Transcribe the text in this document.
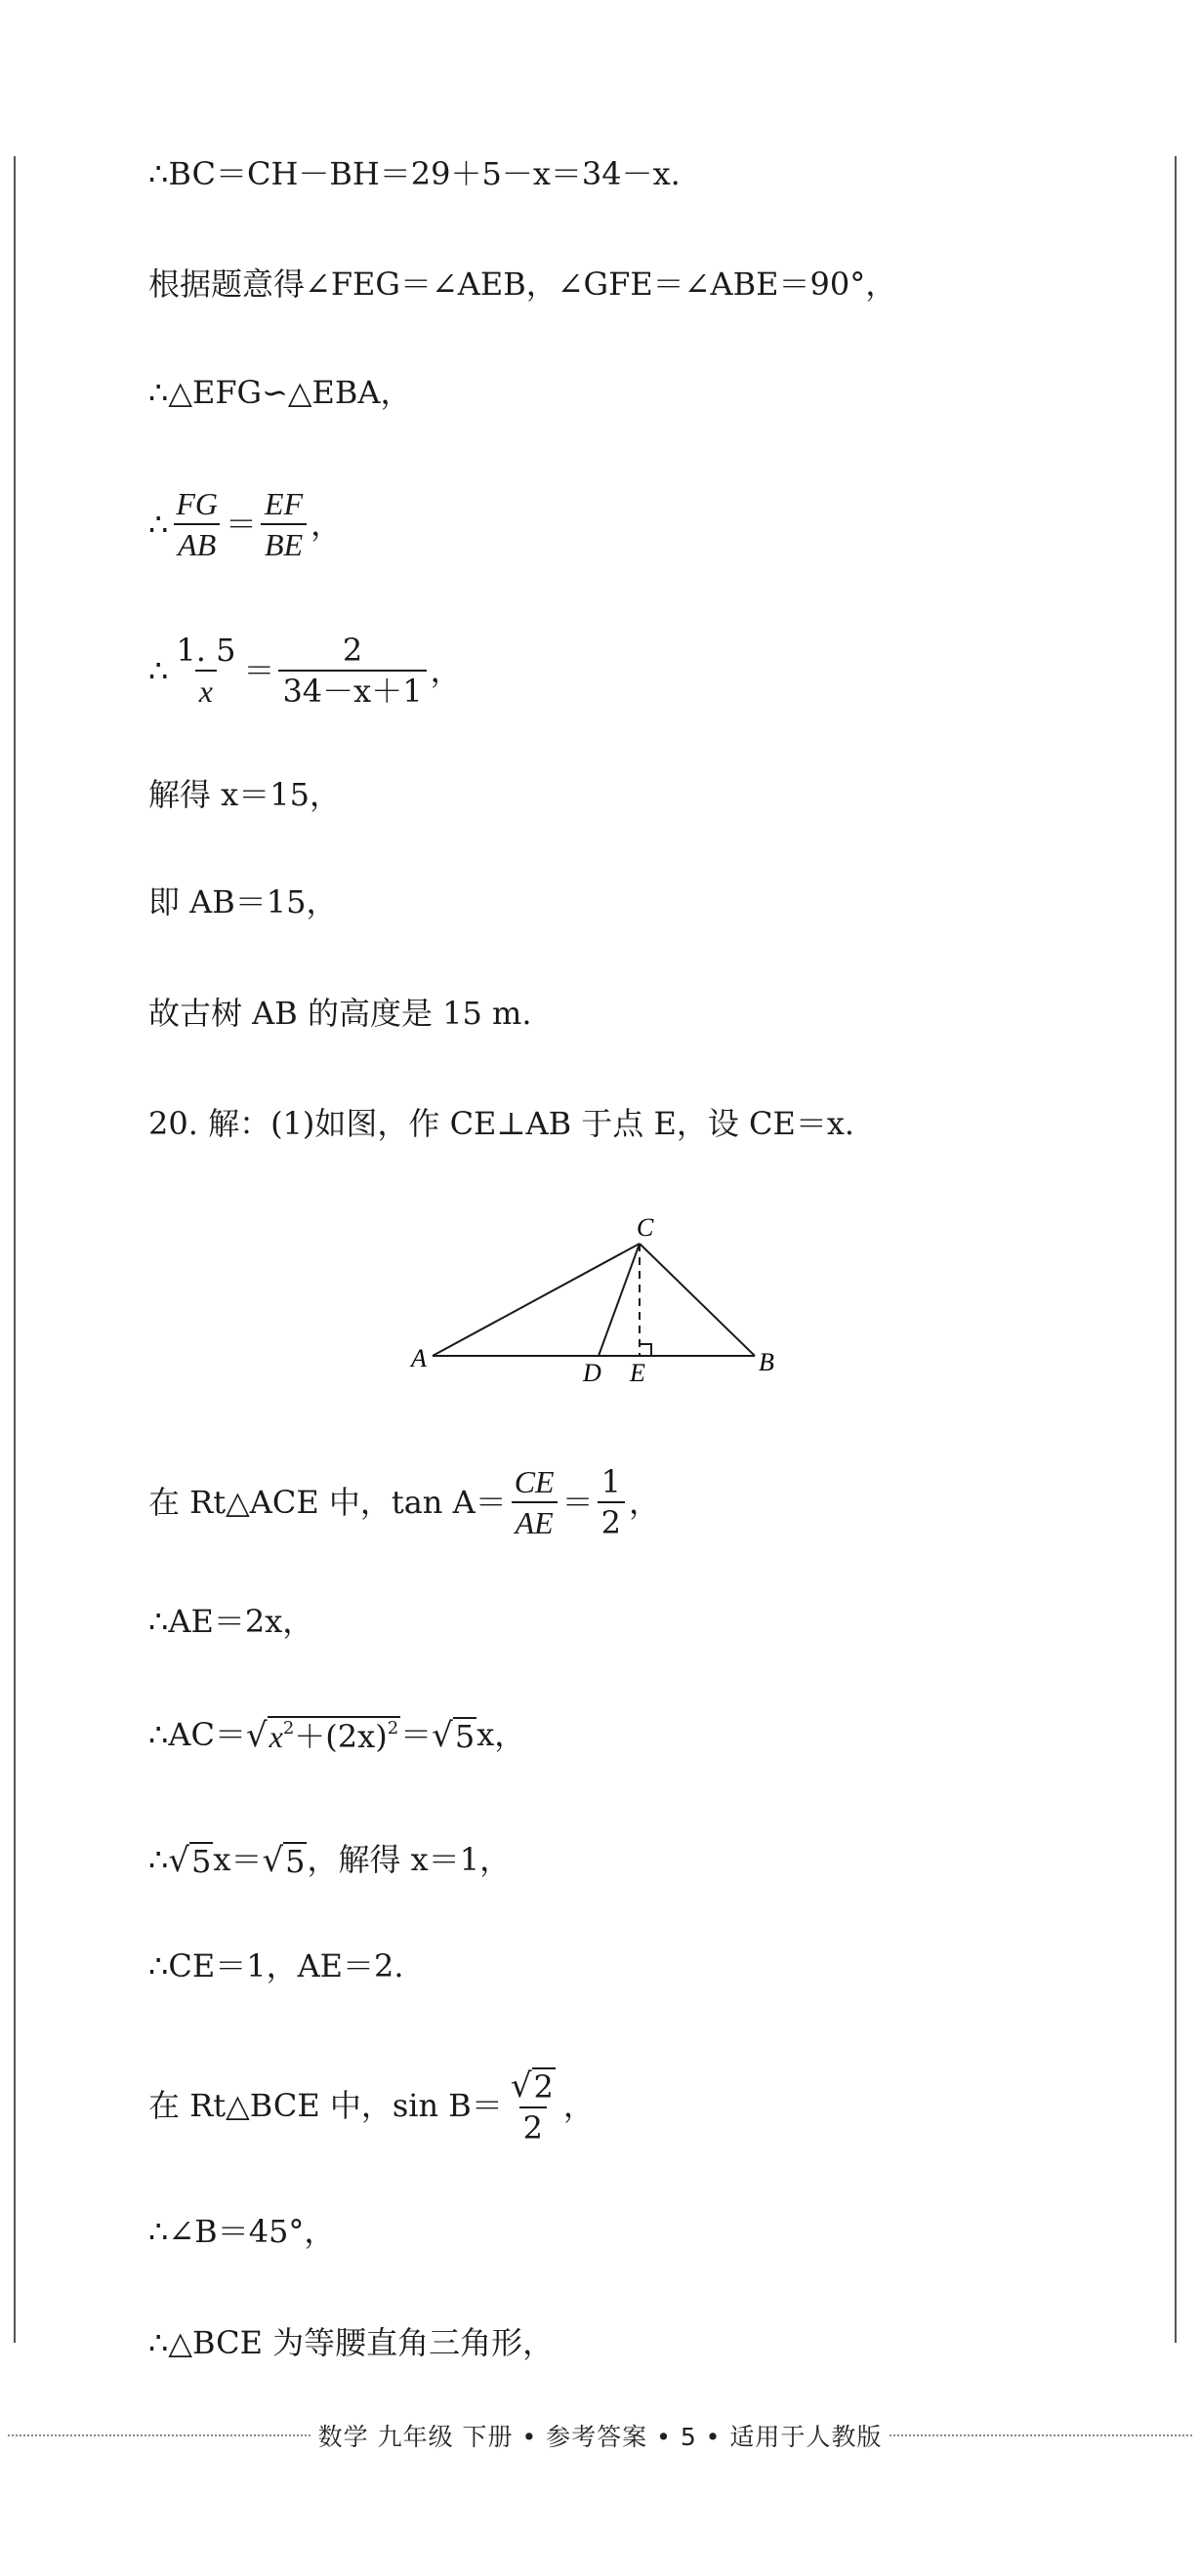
∴BC＝CH－BH＝29＋5－x＝34－x.
根据题意得∠FEG＝∠AEB，∠GFE＝∠ABE＝90°，
∴△EFG∽△EBA，
∴ $\frac{FG}{AB} = \frac{EF}{BE}$ ，
∴ $\frac{1. 5}{x} = \frac{2}{34-x+1}$ ，
解得 x＝15，
即 AB＝15，
故古树 AB 的高度是 15 m.
20. 解：(1)如图，作 CE⊥AB 于点 E，设 CE＝x.
A	B
C
D E
在 Rt△ACE 中，$\tan A= \frac{CE}{AE} = \frac{1}{2}$ ，
∴AE＝2x，
∴AC＝ √ $x^2+(2x)^2$ ＝ √ 5 x，
∴ √ 5 x＝ √ 5 ，解得 x＝1，
∴CE＝1，AE＝2.
在 Rt△BCE 中，$\sin B= \frac{√ 2}{2}$ ，
∴∠B＝45°，
∴△BCE 为等腰直角三角形，
数学 九年级 下册 • 参考答案 • 5 • 适用于人教版
